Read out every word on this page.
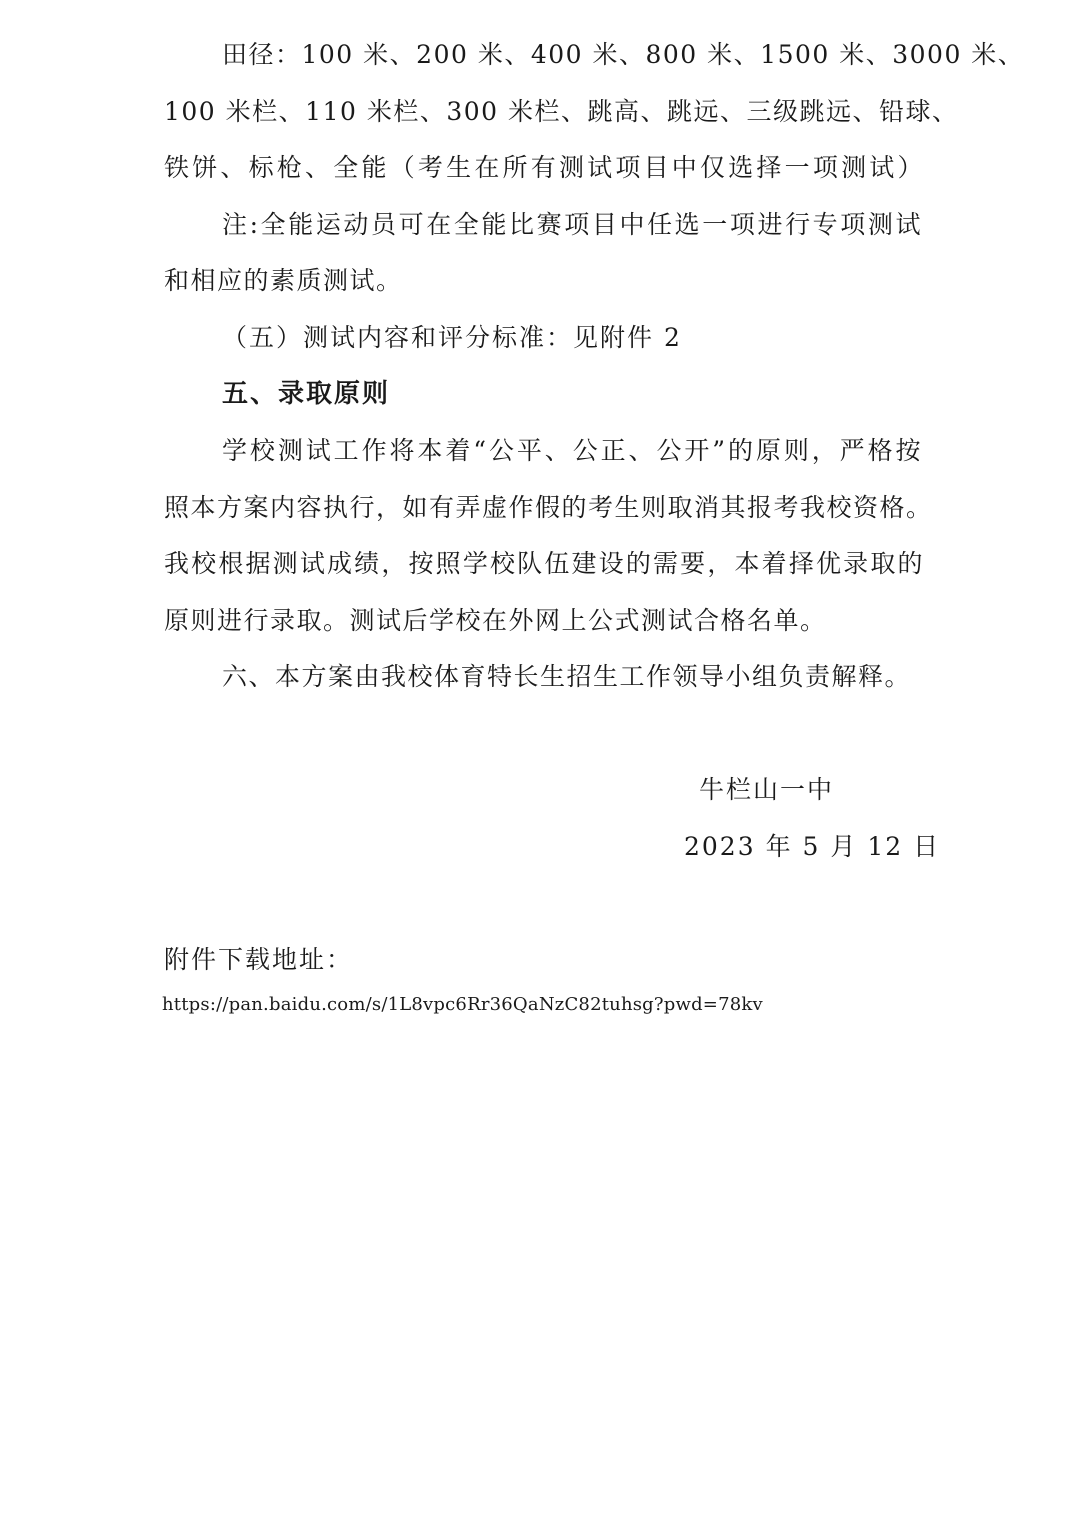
田径：100 米、200 米、400 米、800 米、1500 米、3000 米、
100 米栏、110 米栏、300 米栏、跳高、跳远、三级跳远、铅球、
铁饼、标枪、全能（考生在所有测试项目中仅选择一项测试）
注:全能运动员可在全能比赛项目中任选一项进行专项测试
和相应的素质测试。
（五）测试内容和评分标准：见附件 2
五、录取原则
学校测试工作将本着“公平、公正、公开”的原则，严格按
照本方案内容执行，如有弄虚作假的考生则取消其报考我校资格。
我校根据测试成绩，按照学校队伍建设的需要，本着择优录取的
原则进行录取。测试后学校在外网上公式测试合格名单。
六、本方案由我校体育特长生招生工作领导小组负责解释。
牛栏山一中
2023 年 5 月 12 日
附件下载地址：
https://pan.baidu.com/s/1L8vpc6Rr36QaNzC82tuhsg?pwd=78kv
